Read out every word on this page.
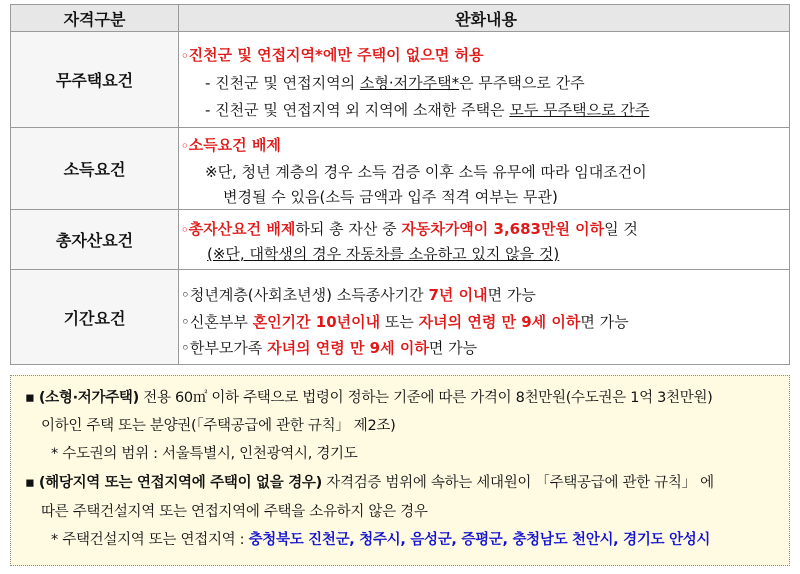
자격구분	완화내용
무주택요건
◦진천군 및 연접지역*에만 주택이 없으면 허용
- 진천군 및 연접지역의 소형·저가주택*은 무주택으로 간주
- 진천군 및 연접지역 외 지역에 소재한 주택은 모두 무주택으로 간주
소득요건
◦소득요건 배제
※단, 청년 계층의 경우 소득 검증 이후 소득 유무에 따라 임대조건이
변경될 수 있음(소득 금액과 입주 적격 여부는 무관)
총자산요건
◦총자산요건 배제하되 총 자산 중 자동차가액이 3,683만원 이하일 것
(※단, 대학생의 경우 자동차를 소유하고 있지 않을 것)
기간요건
◦청년계층(사회초년생) 소득종사기간 7년 이내면 가능
◦신혼부부 혼인기간 10년이내 또는 자녀의 연령 만 9세 이하면 가능
◦한부모가족 자녀의 연령 만 9세 이하면 가능
▪ (소형·저가주택) 전용 60㎡ 이하 주택으로 법령이 정하는 기준에 따른 가격이 8천만원(수도권은 1억 3천만원)
이하인 주택 또는 분양권(「주택공급에 관한 규칙」 제2조)
* 수도권의 범위 : 서울특별시, 인천광역시, 경기도
▪ (해당지역 또는 연접지역에 주택이 없을 경우) 자격검증 범위에 속하는 세대원이 「주택공급에 관한 규칙」 에
따른 주택건설지역 또는 연접지역에 주택을 소유하지 않은 경우
* 주택건설지역 또는 연접지역 : 충청북도 진천군, 청주시, 음성군, 증평군, 충청남도 천안시, 경기도 안성시
